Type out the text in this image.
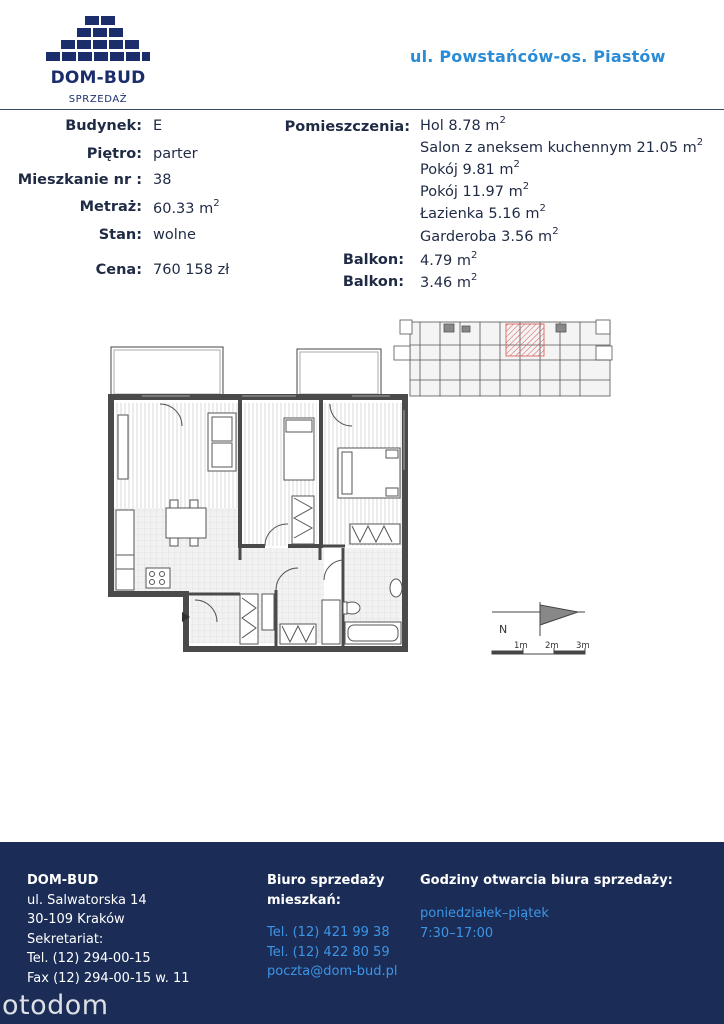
DOM-BUD
SPRZEDAŻ
ul. Powstańców-os. Piastów
Budynek: E
Piętro: parter
Mieszkanie nr : 38
Metraż: 60.33 $m^2$
Stan: wolne
Cena: 760 158 zł
Pomieszczenia: Hol 8.78 $m^2$
Salon z aneksem kuchennym 21.05 $m^2$
Pokój 9.81 $m^2$
Pokój 11.97 $m^2$
Łazienka 5.16 $m^2$
Garderoba 3.56 $m^2$
Balkon: 4.79 $m^2$
Balkon: 3.46 $m^2$
N
1m 2m 3m
DOM-BUD
ul. Salwatorska 14
30-109 Kraków
Sekretariat:
Tel. (12) 294-00-15
Fax (12) 294-00-15 w. 11
Biuro sprzedaży
mieszkań:
Tel. (12) 421 99 38
Tel. (12) 422 80 59
poczta@dom-bud.pl
Godziny otwarcia biura sprzedaży:
poniedziałek–piątek
7:30–17:00
otodom
